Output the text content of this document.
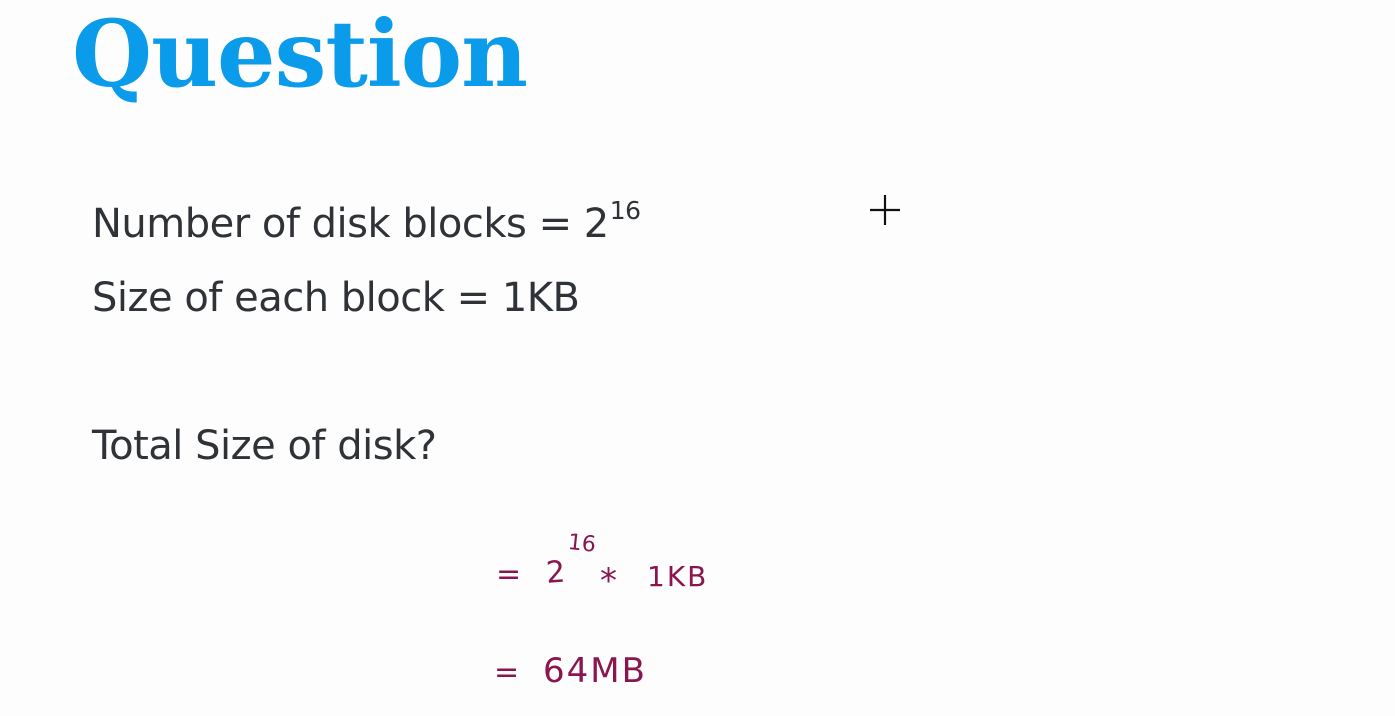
Question
Number of disk blocks = $2^{16}$
Size of each block = 1KB
Total Size of disk?
= 2
16
* 1KB
= 64MB
